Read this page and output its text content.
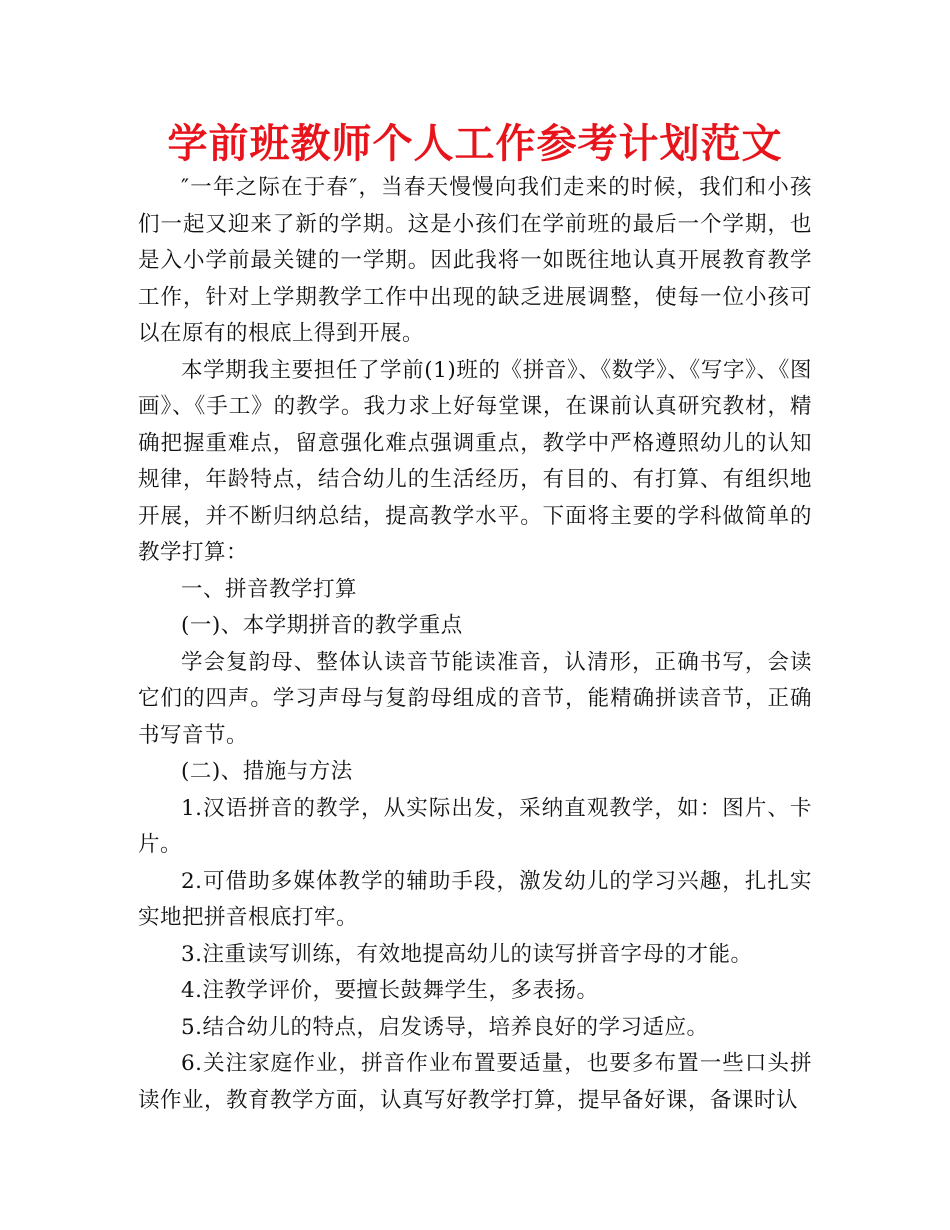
学前班教师个人工作参考计划范文

″一年之际在于春″，当春天慢慢向我们走来的时候，我们和小孩们一起又迎来了新的学期。这是小孩们在学前班的最后一个学期，也是入小学前最关键的一学期。因此我将一如既往地认真开展教育教学工作，针对上学期教学工作中出现的缺乏进展调整，使每一位小孩可以在原有的根底上得到开展。

本学期我主要担任了学前(1)班的《拼音》、《数学》、《写字》、《图画》、《手工》的教学。我力求上好每堂课，在课前认真研究教材，精确把握重难点，留意强化难点强调重点，教学中严格遵照幼儿的认知规律，年龄特点，结合幼儿的生活经历，有目的、有打算、有组织地开展，并不断归纳总结，提高教学水平。下面将主要的学科做简单的教学打算：

一、拼音教学打算

(一)、本学期拼音的教学重点

学会复韵母、整体认读音节能读准音，认清形，正确书写，会读它们的四声。学习声母与复韵母组成的音节，能精确拼读音节，正确书写音节。

(二)、措施与方法

1.汉语拼音的教学，从实际出发，采纳直观教学，如：图片、卡片。

2.可借助多媒体教学的辅助手段，激发幼儿的学习兴趣，扎扎实实地把拼音根底打牢。

3.注重读写训练，有效地提高幼儿的读写拼音字母的才能。

4.注教学评价，要擅长鼓舞学生，多表扬。

5.结合幼儿的特点，启发诱导，培养良好的学习适应。

6.关注家庭作业，拼音作业布置要适量，也要多布置一些口头拼读作业，教育教学方面，认真写好教学打算，提早备好课，备课时认
